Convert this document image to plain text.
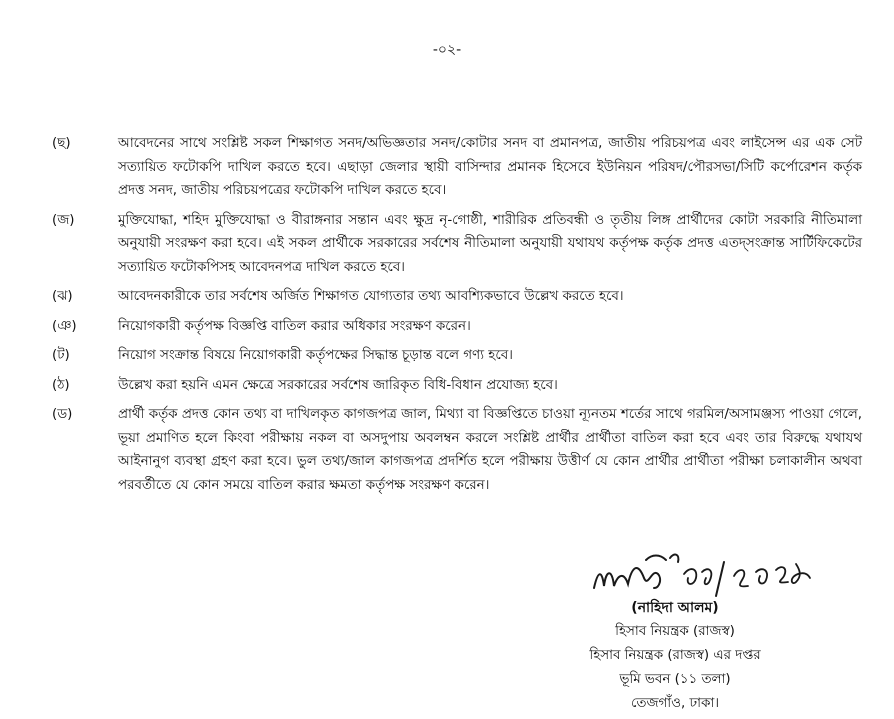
-০২-
(ছ)	আবেদনের সাথে সংশ্লিষ্ট সকল শিক্ষাগত সনদ/অভিজ্ঞতার সনদ/কোটার সনদ বা প্রমানপত্র, জাতীয় পরিচয়পত্র এবং লাইসেন্স এর এক সেট সত্যায়িত ফটোকপি দাখিল করতে হবে। এছাড়া জেলার স্থায়ী বাসিন্দার প্রমানক হিসেবে ইউনিয়ন পরিষদ/পৌরসভা/সিটি কর্পোরেশন কর্তৃক প্রদত্ত সনদ, জাতীয় পরিচয়পত্রের ফটোকপি দাখিল করতে হবে।
(জ)	মুক্তিযোদ্ধা, শহিদ মুক্তিযোদ্ধা ও বীরাঙ্গনার সন্তান এবং ক্ষুদ্র নৃ-গোষ্ঠী, শারীরিক প্রতিবন্ধী ও তৃতীয় লিঙ্গ প্রার্থীদের কোটা সরকারি নীতিমালা অনুযায়ী সংরক্ষণ করা হবে। এই সকল প্রার্থীকে সরকারের সর্বশেষ নীতিমালা অনুযায়ী যথাযথ কর্তৃপক্ষ কর্তৃক প্রদত্ত এতদ্সংক্রান্ত সার্টিফিকেটের সত্যায়িত ফটোকপিসহ আবেদনপত্র দাখিল করতে হবে।
(ঝ)	আবেদনকারীকে তার সর্বশেষ অর্জিত শিক্ষাগত যোগ্যতার তথ্য আবশ্যিকভাবে উল্লেখ করতে হবে।
(ঞ)	নিয়োগকারী কর্তৃপক্ষ বিজ্ঞপ্তি বাতিল করার অধিকার সংরক্ষণ করেন।
(ট)	নিয়োগ সংক্রান্ত বিষয়ে নিয়োগকারী কর্তৃপক্ষের সিদ্ধান্ত চূড়ান্ত বলে গণ্য হবে।
(ঠ)	উল্লেখ করা হয়নি এমন ক্ষেত্রে সরকারের সর্বশেষ জারিকৃত বিধি-বিধান প্রযোজ্য হবে।
(ড)	প্রার্থী কর্তৃক প্রদত্ত কোন তথ্য বা দাখিলকৃত কাগজপত্র জাল, মিথ্যা বা বিজ্ঞপ্তিতে চাওয়া ন্যূনতম শর্তের সাথে গরমিল/অসামঞ্জস্য পাওয়া গেলে, ভূয়া প্রমাণিত হলে কিংবা পরীক্ষায় নকল বা অসদুপায় অবলম্বন করলে সংশ্লিষ্ট প্রার্থীর প্রার্থীতা বাতিল করা হবে এবং তার বিরুদ্ধে যথাযথ আইনানুগ ব্যবস্থা গ্রহণ করা হবে। ভুল তথ্য/জাল কাগজপত্র প্রদর্শিত হলে পরীক্ষায় উত্তীর্ণ যে কোন প্রার্থীর প্রার্থীতা পরীক্ষা চলাকালীন অথবা পরবর্তীতে যে কোন সময়ে বাতিল করার ক্ষমতা কর্তৃপক্ষ সংরক্ষণ করেন।
(নাহিদা আলম)
হিসাব নিয়ন্ত্রক (রাজস্ব)
হিসাব নিয়ন্ত্রক (রাজস্ব) এর দপ্তর
ভূমি ভবন (১১ তলা)
তেজগাঁও, ঢাকা।
